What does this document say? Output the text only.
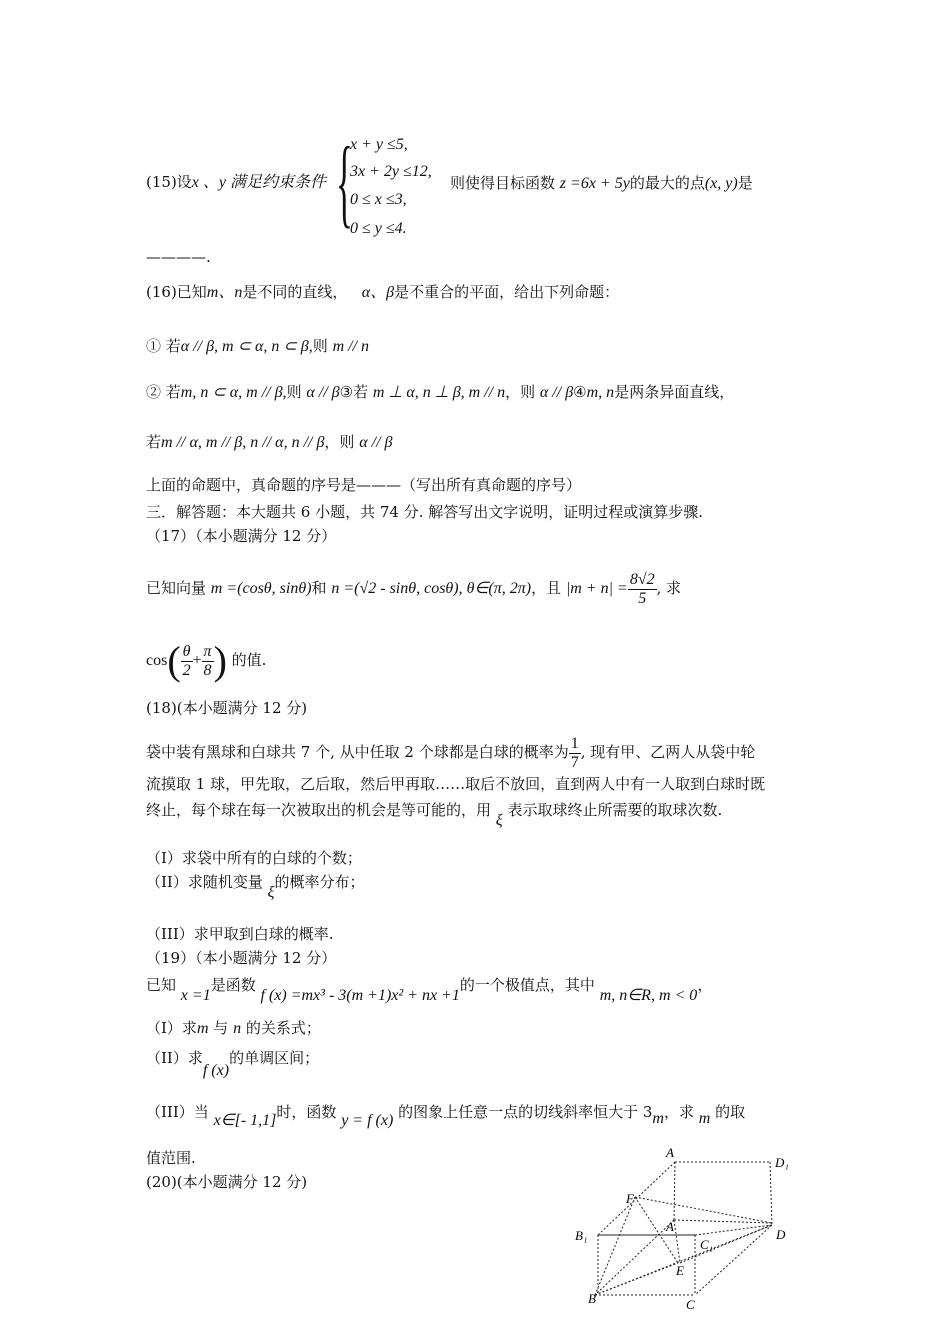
(15)设x 、y 满足约束条件 {
x + y ≤5,
3x + 2y ≤12,
0 ≤ x ≤3,
0 ≤ y ≤4.
则使得目标函数 z =6x + 5y的最大的点(x, y)是
————.
(16)已知m、n是不同的直线， α、β是不重合的平面，给出下列命题：
① 若α // β, m ⊂ α, n ⊂ β,则 m // n
② 若m, n ⊂ α, m // β,则 α // β③若 m ⊥ α, n ⊥ β, m // n，则 α // β④m, n是两条异面直线，
若m // α, m // β, n // α, n // β，则 α // β
上面的命题中，真命题的序号是———（写出所有真命题的序号）
三．解答题：本大题共 6 小题，共 74 分. 解答写出文字说明，证明过程或演算步骤.
（17）（本小题满分 12 分）
已知向量 m =(cosθ, sinθ)和 n =(√2 - sinθ, cosθ), θ∈(π, 2π)，且 $|m + n| = \frac{8√2}{5}$ , 求
$\cos( \frac{\theta}{2} + \frac{\pi}{8}$ ) 的值.
(18)(本小题满分 12 分)
袋中装有黑球和白球共 7 个, 从中任取 2 个球都是白球的概率为 $\frac{1}{7}$ , 现有甲、乙两人从袋中轮
流摸取 1 球，甲先取，乙后取，然后甲再取……取后不放回，直到两人中有一人取到白球时既
终止，每个球在每一次被取出的机会是等可能的，用 ξ 表示取球终止所需要的取球次数.
（I）求袋中所有的白球的个数；
（II）求随机变量 ξ的概率分布；
（III）求甲取到白球的概率.
（19）（本小题满分 12 分）
已知 x =1是函数 f (x) =mx³ - 3(m +1)x² + nx +1的一个极值点，其中 m, n∈R, m < 0，
（I）求m 与 n 的关系式；
（II）求f (x)的单调区间；
（III）当 x∈[- 1,1]时，函数 y = f (x) 的图象上任意一点的切线斜率恒大于 3m，求 m 的取
值范围.
(20)(本小题满分 12 分)
A
D₁
F
A
D
B₁
C₁
E
B	C
